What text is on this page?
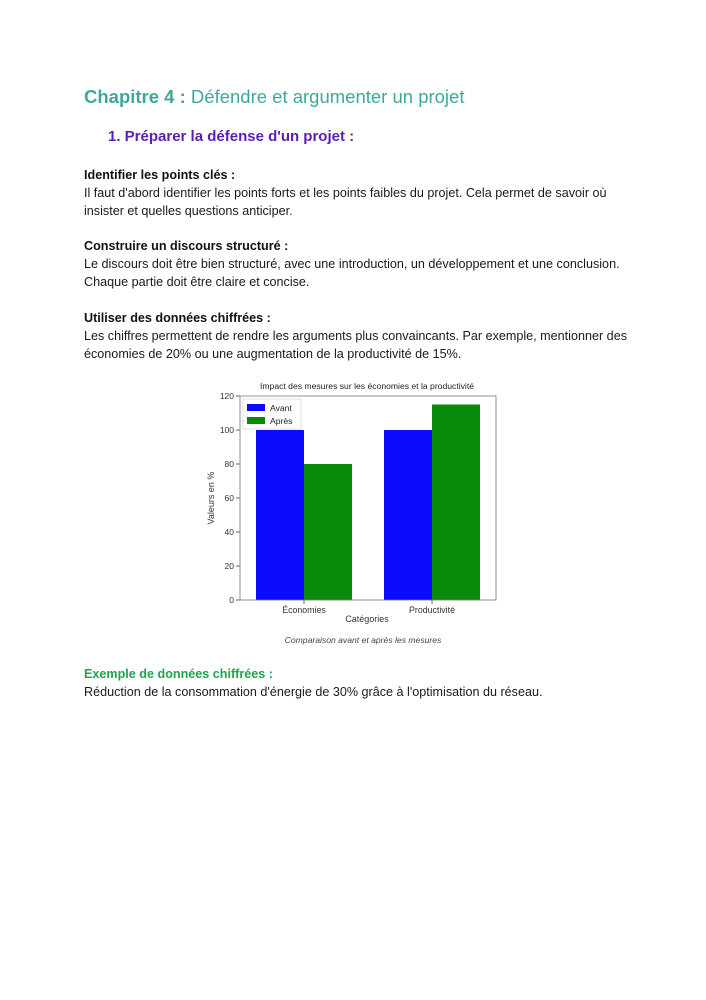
Chapitre 4 : Défendre et argumenter un projet
1. Préparer la défense d'un projet :
Identifier les points clés :
Il faut d'abord identifier les points forts et les points faibles du projet. Cela permet de savoir où insister et quelles questions anticiper.
Construire un discours structuré :
Le discours doit être bien structuré, avec une introduction, un développement et une conclusion. Chaque partie doit être claire et concise.
Utiliser des données chiffrées :
Les chiffres permettent de rendre les arguments plus convaincants. Par exemple, mentionner des économies de 20% ou une augmentation de la productivité de 15%.
Impact des mesures sur les économies et la productivité
0
20
40
60
80
100
120
Économies	Productivité
Avant
Après
Catégories
Valeurs en %
Comparaison avant et après les mesures
Exemple de données chiffrées :
Réduction de la consommation d'énergie de 30% grâce à l'optimisation du réseau.
